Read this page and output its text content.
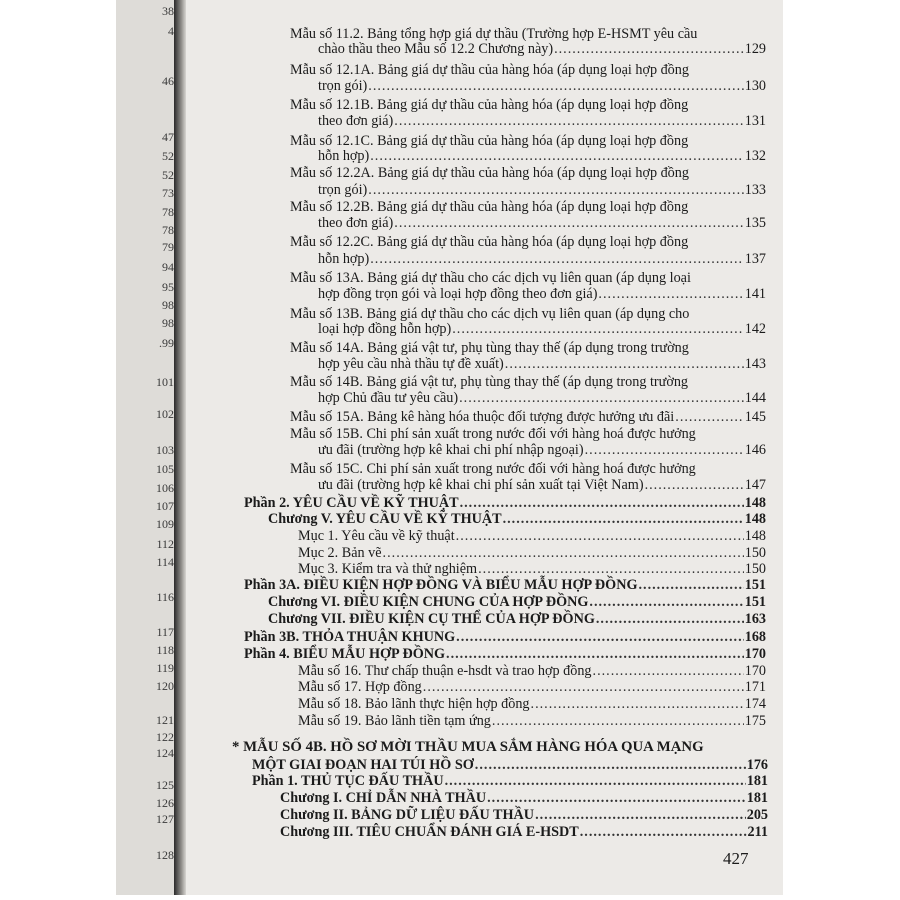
38
4
46
47
52
52
73
78
78
79
94
95
98
98
.99
101
102
103
105
106
107
109
112
114
116
117
118
119
120
121
122
124
125
126
127
128
Mẫu số 11.2. Bảng tổng hợp giá dự thầu (Trường hợp E-HSMT yêu cầu
chào thầu theo Mẫu số 12.2 Chương này) .....	129
Mẫu số 12.1A. Bảng giá dự thầu của hàng hóa (áp dụng loại hợp đồng
trọn gói) .....	130
Mẫu số 12.1B. Bảng giá dự thầu của hàng hóa (áp dụng loại hợp đồng
theo đơn giá) .....	131
Mẫu số 12.1C. Bảng giá dự thầu của hàng hóa (áp dụng loại hợp đồng
hỗn hợp) .....	132
Mẫu số 12.2A. Bảng giá dự thầu của hàng hóa (áp dụng loại hợp đồng
trọn gói) .....	133
Mẫu số 12.2B. Bảng giá dự thầu của hàng hóa (áp dụng loại hợp đồng
theo đơn giá) .....	135
Mẫu số 12.2C. Bảng giá dự thầu của hàng hóa (áp dụng loại hợp đồng
hỗn hợp) .....	137
Mẫu số 13A. Bảng giá dự thầu cho các dịch vụ liên quan (áp dụng loại
hợp đồng trọn gói và loại hợp đồng theo đơn giá) .....	141
Mẫu số 13B. Bảng giá dự thầu cho các dịch vụ liên quan (áp dụng cho
loại hợp đồng hỗn hợp) .....	142
Mẫu số 14A. Bảng giá vật tư, phụ tùng thay thế (áp dụng trong trường
hợp yêu cầu nhà thầu tự đề xuất) .....	143
Mẫu số 14B. Bảng giá vật tư, phụ tùng thay thế (áp dụng trong trường
hợp Chủ đầu tư yêu cầu) .....	144
Mẫu số 15A. Bảng kê hàng hóa thuộc đối tượng được hưởng ưu đãi .....	145
Mẫu số 15B. Chi phí sản xuất trong nước đối với hàng hoá được hưởng
ưu đãi (trường hợp kê khai chi phí nhập ngoại) .....	146
Mẫu số 15C. Chi phí sản xuất trong nước đối với hàng hoá được hưởng
ưu đãi (trường hợp kê khai chi phí sản xuất tại Việt Nam) .....	147
Phần 2. YÊU CẦU VỀ KỸ THUẬT .....	148
Chương V. YÊU CẦU VỀ KỸ THUẬT .....	148
Mục 1. Yêu cầu về kỹ thuật .....	148
Mục 2. Bản vẽ .....	150
Mục 3. Kiểm tra và thử nghiệm .....	150
Phần 3A. ĐIỀU KIỆN HỢP ĐỒNG VÀ BIỂU MẪU HỢP ĐỒNG .....	151
Chương VI. ĐIỀU KIỆN CHUNG CỦA HỢP ĐỒNG .....	151
Chương VII. ĐIỀU KIỆN CỤ THỂ CỦA HỢP ĐỒNG .....	163
Phần 3B. THỎA THUẬN KHUNG .....	168
Phần 4. BIỂU MẪU HỢP ĐỒNG .....	170
Mẫu số 16. Thư chấp thuận e-hsdt và trao hợp đồng .....	170
Mẫu số 17. Hợp đồng .....	171
Mẫu số 18. Bảo lãnh thực hiện hợp đồng .....	174
Mẫu số 19. Bảo lãnh tiền tạm ứng .....	175
* MẪU SỐ 4B. HỒ SƠ MỜI THẦU MUA SẮM HÀNG HÓA QUA MẠNG
MỘT GIAI ĐOẠN HAI TÚI HỒ SƠ .....	176
Phần 1. THỦ TỤC ĐẤU THẦU .....	181
Chương I. CHỈ DẪN NHÀ THẦU .....	181
Chương II. BẢNG DỮ LIỆU ĐẤU THẦU .....	205
Chương III. TIÊU CHUẨN ĐÁNH GIÁ E-HSDT .....	211
427
